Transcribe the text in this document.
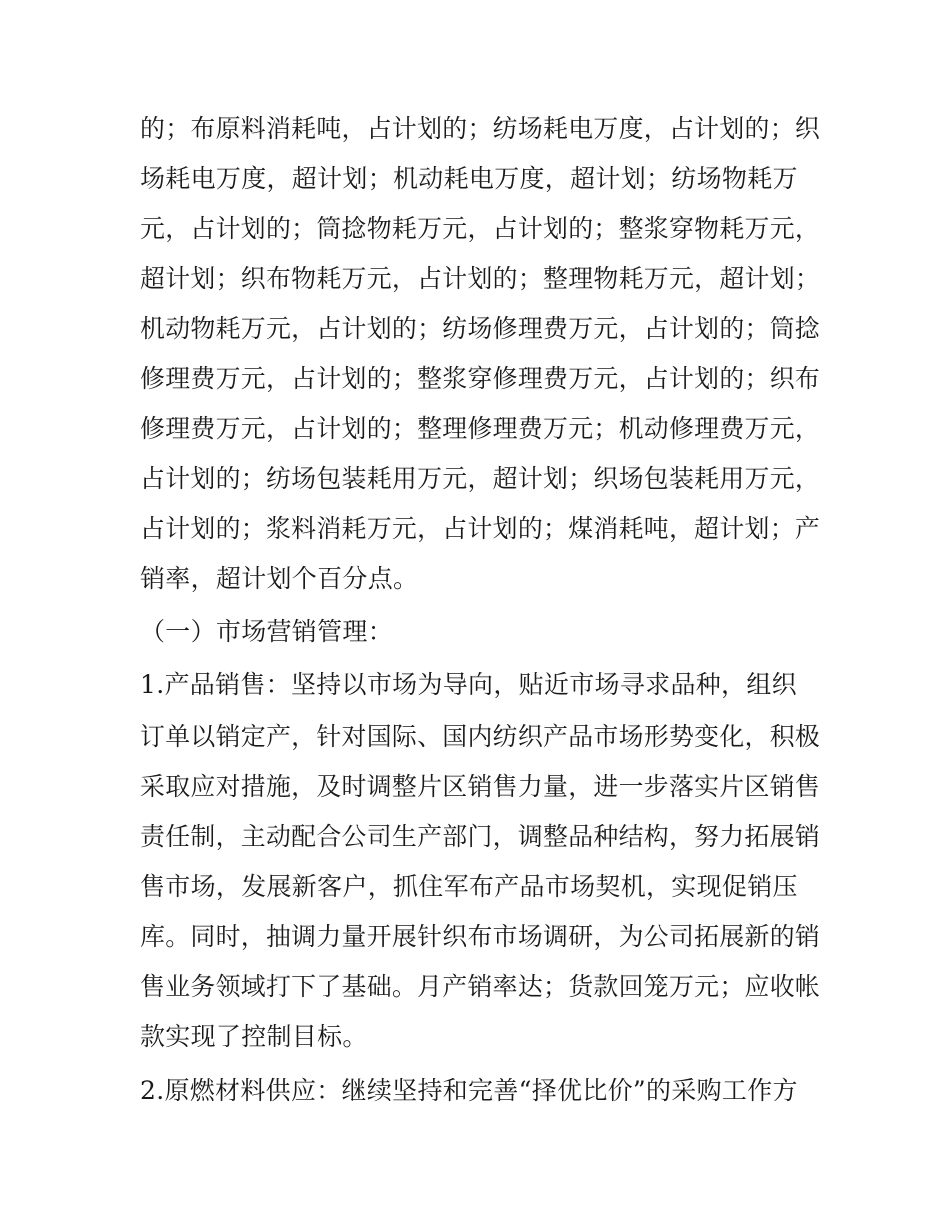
的；布原料消耗吨，占计划的；纺场耗电万度，占计划的；织
场耗电万度，超计划；机动耗电万度，超计划；纺场物耗万
元，占计划的；筒捻物耗万元，占计划的；整浆穿物耗万元，
超计划；织布物耗万元，占计划的；整理物耗万元，超计划；
机动物耗万元，占计划的；纺场修理费万元，占计划的；筒捻
修理费万元，占计划的；整浆穿修理费万元，占计划的；织布
修理费万元，占计划的；整理修理费万元；机动修理费万元，
占计划的；纺场包装耗用万元，超计划；织场包装耗用万元，
占计划的；浆料消耗万元，占计划的；煤消耗吨，超计划；产
销率，超计划个百分点。
（一）市场营销管理：
1.产品销售：坚持以市场为导向，贴近市场寻求品种，组织
订单以销定产，针对国际、国内纺织产品市场形势变化，积极
采取应对措施，及时调整片区销售力量，进一步落实片区销售
责任制，主动配合公司生产部门，调整品种结构，努力拓展销
售市场，发展新客户，抓住军布产品市场契机，实现促销压
库。同时，抽调力量开展针织布市场调研，为公司拓展新的销
售业务领域打下了基础。月产销率达；货款回笼万元；应收帐
款实现了控制目标。
2.原燃材料供应：继续坚持和完善“择优比价”的采购工作方
